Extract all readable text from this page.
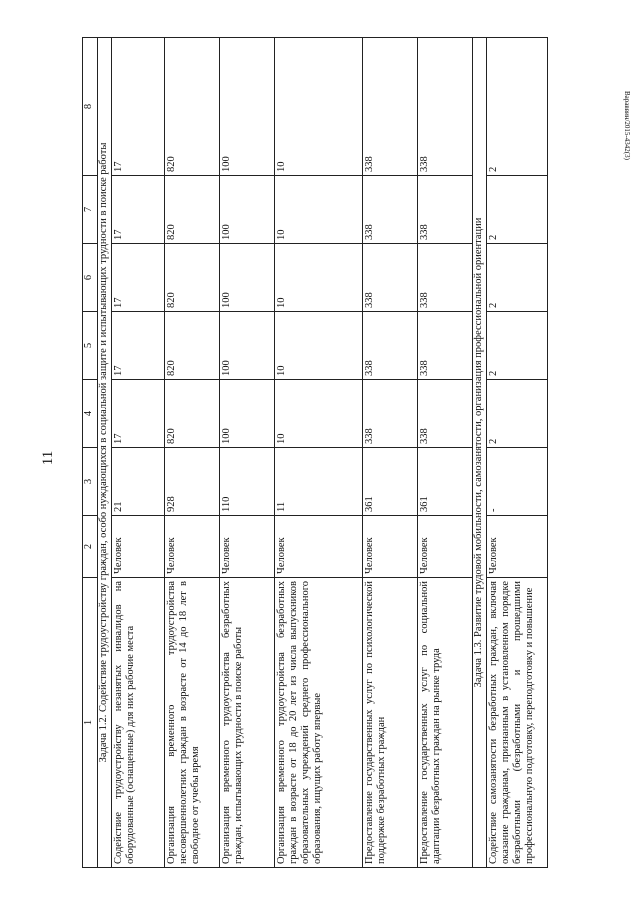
11
Вараввин/2015-4342(3)
1	2	3	4	5	6	7	8
Задача 1.2. Содействие трудоустройству граждан, особо нуждающихся в социальной защите и испытывающих трудности в поиске работы							
Содействие трудоустройству незанятых инвалидов на оборудованные (оснащенные) для них рабочие места	Человек	21	17	17	17	17	17
Организация временного трудоустройства несовершеннолетних граждан в возрасте от 14 до 18 лет в свободное от учебы время	Человек	928	820	820	820	820	820
Организация временного трудоустройства безработных граждан, испытывающих трудности в поиске работы	Человек	110	100	100	100	100	100
Организация временного трудоустройства безработных граждан в возрасте от 18 до 20 лет из числа выпускников образовательных учреждений среднего профессионального образования, ищущих работу впервые	Человек	11	10	10	10	10	10
Предоставление государственных услуг по психологической поддержке безработных граждан	Человек	361	338	338	338	338	338
Предоставление государственных услуг по социальной адаптации безработных граждан на рынке труда	Человек	361	338	338	338	338	338
Задача 1.3. Развитие трудовой мобильности, самозанятости, организация профессиональной ориентации							
Содействие самозанятости безработных граждан, включая оказание гражданам, признанным в установленном порядке безработными (безработными и прошедшими профессиональную подготовку, переподготовку и повышение	Человек	-	2	2	2	2	2
